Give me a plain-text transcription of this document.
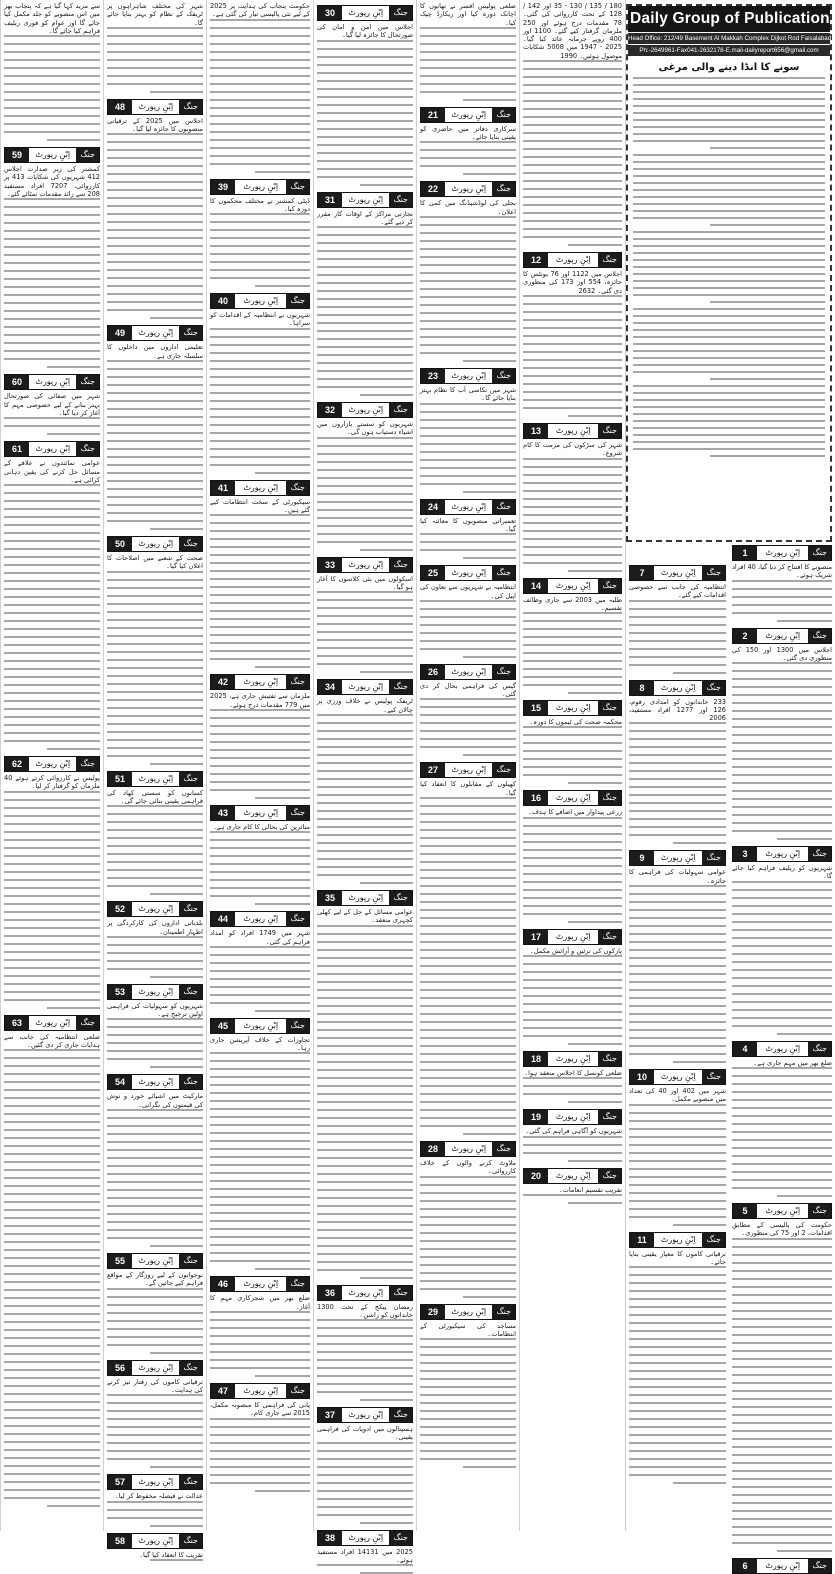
1	اِبْنِ رپورٹ	جنگ

منصوبے کا افتتاح کر دیا گیا، 40 افراد شریک ہوئے۔

2	اِبْنِ رپورٹ	جنگ

اجلاس میں 1300 اور 150 کی منظوری دی گئی۔

3	اِبْنِ رپورٹ	جنگ

شہریوں کو ریلیف فراہم کیا جائے گا۔

4	اِبْنِ رپورٹ	جنگ

ضلع بھر میں مہم جاری ہے۔

5	اِبْنِ رپورٹ	جنگ

حکومت کی پالیسی کے مطابق اقدامات، 2 اور 75 کی منظوری۔

6	اِبْنِ رپورٹ	جنگ
7	اِبْنِ رپورٹ	جنگ

انتظامیہ کی جانب سے خصوصی اقدامات کیے گئے۔

8	اِبْنِ رپورٹ	جنگ

233 خاندانوں کو امدادی رقوم، 126 اور 1277 افراد مستفید، 2006

9	اِبْنِ رپورٹ	جنگ

عوامی سہولیات کی فراہمی کا جائزہ۔

10	اِبْنِ رپورٹ	جنگ

شہر میں 402 اور 40 کی تعداد میں منصوبے مکمل۔

11	اِبْنِ رپورٹ	جنگ

ترقیاتی کاموں کا معیار یقینی بنایا جائے۔

180 / 135 / 130 - 35 اور 142 / 128 کے تحت کارروائی کی گئی۔ 78 مقدمات درج ہوئے اور 250 ملزمان گرفتار کیے گئے۔ 1100 اور 400 روپے جرمانہ عائد کیا گیا۔ 2025 - 1947 میں 5008 شکایات موصول ہوئیں۔ 1990

12	اِبْنِ رپورٹ	جنگ

اجلاس میں 1122 اور 76 یونٹس کا جائزہ، 554 اور 173 کی منظوری دی گئی۔ 2632

13	اِبْنِ رپورٹ	جنگ

شہر کی سڑکوں کی مرمت کا کام شروع۔

14	اِبْنِ رپورٹ	جنگ

طلبہ میں 2003 سے جاری وظائف تقسیم۔

15	اِبْنِ رپورٹ	جنگ

محکمہ صحت کی ٹیموں کا دورہ۔

16	اِبْنِ رپورٹ	جنگ

زرعی پیداوار میں اضافے کا ہدف۔

17	اِبْنِ رپورٹ	جنگ

پارکوں کی تزئین و آرائش مکمل۔

18	اِبْنِ رپورٹ	جنگ

ضلعی کونسل کا اجلاس منعقد ہوا۔

19	اِبْنِ رپورٹ	جنگ

شہریوں کو آگاہی فراہم کی گئی۔

20	اِبْنِ رپورٹ	جنگ

تقریب تقسیم انعامات۔

ضلعی پولیس افسر نے تھانوں کا اچانک دورہ کیا اور ریکارڈ چیک کیا۔

21	اِبْنِ رپورٹ	جنگ

سرکاری دفاتر میں حاضری کو یقینی بنایا جائے۔

22	اِبْنِ رپورٹ	جنگ

بجلی کی لوڈشیڈنگ میں کمی کا اعلان۔

23	اِبْنِ رپورٹ	جنگ

شہر میں نکاسی آب کا نظام بہتر بنایا جائے گا۔

24	اِبْنِ رپورٹ	جنگ

تعمیراتی منصوبوں کا معائنہ کیا گیا۔

25	اِبْنِ رپورٹ	جنگ

انتظامیہ نے شہریوں سے تعاون کی اپیل کی۔

26	اِبْنِ رپورٹ	جنگ

گیس کی فراہمی بحال کر دی گئی۔

27	اِبْنِ رپورٹ	جنگ

کھیلوں کے مقابلوں کا انعقاد کیا گیا۔

28	اِبْنِ رپورٹ	جنگ

ملاوٹ کرنے والوں کے خلاف کارروائی۔

29	اِبْنِ رپورٹ	جنگ

مساجد کی سیکیورٹی کے انتظامات۔

30	اِبْنِ رپورٹ	جنگ

اجلاس میں امن و امان کی صورتحال کا جائزہ لیا گیا۔

31	اِبْنِ رپورٹ	جنگ

تجارتی مراکز کے اوقات کار مقرر کر دیے گئے۔

32	اِبْنِ رپورٹ	جنگ

شہریوں کو سستے بازاروں میں اشیاء دستیاب ہوں گی۔

33	اِبْنِ رپورٹ	جنگ

اسکولوں میں نئی کلاسوں کا آغاز ہو گیا۔

34	اِبْنِ رپورٹ	جنگ

ٹریفک پولیس نے خلاف ورزی پر چالان کیے۔

35	اِبْنِ رپورٹ	جنگ

عوامی مسائل کے حل کے لیے کھلی کچہری منعقد۔

36	اِبْنِ رپورٹ	جنگ

رمضان پیکج کے تحت 1300 خاندانوں کو راشن۔

37	اِبْنِ رپورٹ	جنگ

ہسپتالوں میں ادویات کی فراہمی یقینی۔

38	اِبْنِ رپورٹ	جنگ

2025 میں 14131 افراد مستفید ہوئے۔

حکومت پنجاب کی ہدایت پر 2025 کے لیے نئی پالیسی تیار کی گئی ہے۔

39	اِبْنِ رپورٹ	جنگ

ڈپٹی کمشنر نے مختلف محکموں کا دورہ کیا۔

40	اِبْنِ رپورٹ	جنگ

شہریوں نے انتظامیہ کے اقدامات کو سراہا۔

41	اِبْنِ رپورٹ	جنگ

سیکیورٹی کے سخت انتظامات کیے گئے ہیں۔

42	اِبْنِ رپورٹ	جنگ

ملزمان سے تفتیش جاری ہے، 2025 میں 779 مقدمات درج ہوئے۔

43	اِبْنِ رپورٹ	جنگ

متاثرین کی بحالی کا کام جاری ہے۔

44	اِبْنِ رپورٹ	جنگ

شہر میں 1749 افراد کو امداد فراہم کی گئی۔

45	اِبْنِ رپورٹ	جنگ

تجاوزات کے خلاف آپریشن جاری رہا۔

46	اِبْنِ رپورٹ	جنگ

ضلع بھر میں شجرکاری مہم کا آغاز۔

47	اِبْنِ رپورٹ	جنگ

پانی کی فراہمی کا منصوبہ مکمل، 2015 سے جاری کام۔

شہر کی مختلف شاہراہوں پر ٹریفک کے نظام کو بہتر بنایا جائے گا۔

48	اِبْنِ رپورٹ	جنگ

اجلاس میں 2025 کے ترقیاتی منصوبوں کا جائزہ لیا گیا۔

49	اِبْنِ رپورٹ	جنگ

تعلیمی اداروں میں داخلوں کا سلسلہ جاری ہے۔

50	اِبْنِ رپورٹ	جنگ

صحت کے شعبے میں اصلاحات کا اعلان کیا گیا۔

51	اِبْنِ رپورٹ	جنگ

کسانوں کو سستی کھاد کی فراہمی یقینی بنائی جائے گی۔

52	اِبْنِ رپورٹ	جنگ

بلدیاتی اداروں کی کارکردگی پر اظہار اطمینان۔

53	اِبْنِ رپورٹ	جنگ

شہریوں کو سہولیات کی فراہمی اولین ترجیح ہے۔

54	اِبْنِ رپورٹ	جنگ

مارکیٹ میں اشیائے خورد و نوش کی قیمتوں کی نگرانی۔

55	اِبْنِ رپورٹ	جنگ

نوجوانوں کے لیے روزگار کے مواقع فراہم کیے جائیں گے۔

56	اِبْنِ رپورٹ	جنگ

ترقیاتی کاموں کی رفتار تیز کرنے کی ہدایت۔

57	اِبْنِ رپورٹ	جنگ

عدالت نے فیصلہ محفوظ کر لیا۔

58	اِبْنِ رپورٹ	جنگ

تقریب کا انعقاد کیا گیا۔

سے مزید کہا گیا ہے کہ پنجاب بھر میں اس منصوبے کو جلد مکمل کیا جائے گا اور عوام کو فوری ریلیف فراہم کیا جائے گا۔

59	اِبْنِ رپورٹ	جنگ

کمشنر کی زیر صدارت اجلاس 412 شہریوں کی شکایات 413 پر کارروائی، 7207 افراد مستفید 208 سے زائد مقدمات نمٹائے گئے۔

60	اِبْنِ رپورٹ	جنگ

شہر میں صفائی کی صورتحال بہتر بنانے کے لیے خصوصی مہم کا آغاز کر دیا گیا۔

61	اِبْنِ رپورٹ	جنگ

عوامی نمائندوں نے علاقے کے مسائل حل کرنے کی یقین دہانی کرائی ہے۔

62	اِبْنِ رپورٹ	جنگ

پولیس نے کارروائی کرتے ہوئے 40 ملزمان کو گرفتار کر لیا۔

63	اِبْنِ رپورٹ	جنگ

ضلعی انتظامیہ کی جانب سے ہدایات جاری کر دی گئیں۔

Daily Group of Publication
Head Office: 212/49 Basement Al Makkah Complex Dijkot Rod Faisalabad
Ph:-2649961-Fax041-2632178-E.mail-dailyreport656@gmail.com
سونے کا انڈا دینے والی مرغی
